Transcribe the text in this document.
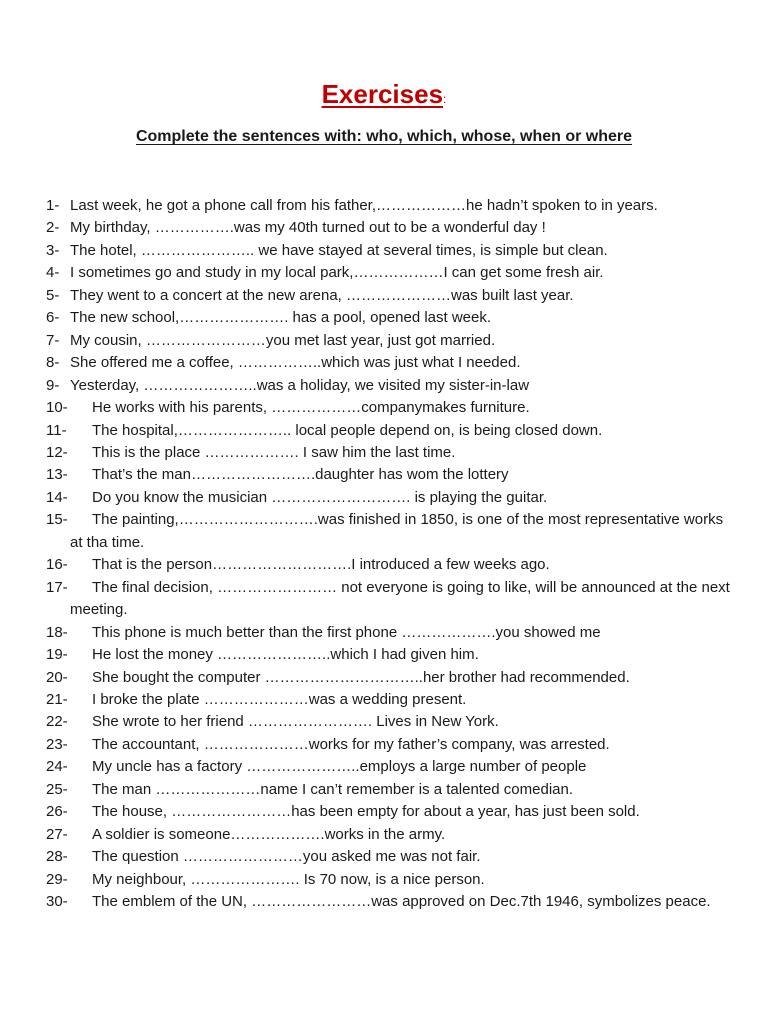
Exercises:
Complete the sentences with: who, which, whose, when or where
1- Last week, he got a phone call from his father,………………he hadn’t spoken to in years.
2- My birthday, …………….was my 40th turned out to be a wonderful day !
3- The hotel, ………………….. we have stayed at several times, is simple but clean.
4- I sometimes go and study in my local park,………………I can get some fresh air.
5- They went to a concert at the new arena, …………………was built last year.
6- The new school,…………………. has a pool, opened last week.
7- My cousin, ……………………you met last year, just got married.
8- She offered me a coffee, ……………..which was just what I needed.
9- Yesterday, …………………..was a holiday, we visited my sister-in-law
10-	He works with his parents, ………………companymakes furniture.
11-	The hospital,………………….. local people depend on, is being closed down.
12-	This is the place ………………. I saw him the last time.
13-	That’s the man…………………….daughter has wom the lottery
14-	Do you know the musician ………………………. is playing the guitar.
15-	The painting,……………………….was finished in 1850, is one of the most representative works at tha time.
16-	That is the person……………………….I introduced a few weeks ago.
17-	The final decision, …………………… not everyone is going to like, will be announced at the next meeting.
18-	This phone is much better than the first phone ……………….you showed me
19-	He lost the money …………………..which I had given him.
20-	She bought the computer …………………………..her brother had recommended.
21-	I broke the plate …………………was a wedding present.
22-	She wrote to her friend ……………………. Lives in New York.
23-	The accountant, …………………works for my father’s company, was arrested.
24-	My uncle has a factory …………………..employs a large number of people
25-	The man …………………name I can’t remember is a talented comedian.
26-	The house, ……………………has been empty for about a year, has just been sold.
27-	A soldier is someone……………….works in the army.
28-	The question ……………………you asked me was not fair.
29-	My neighbour, …………………. Is 70 now, is a nice person.
30-	The emblem of the UN, ……………………was approved on Dec.7th 1946, symbolizes peace.
